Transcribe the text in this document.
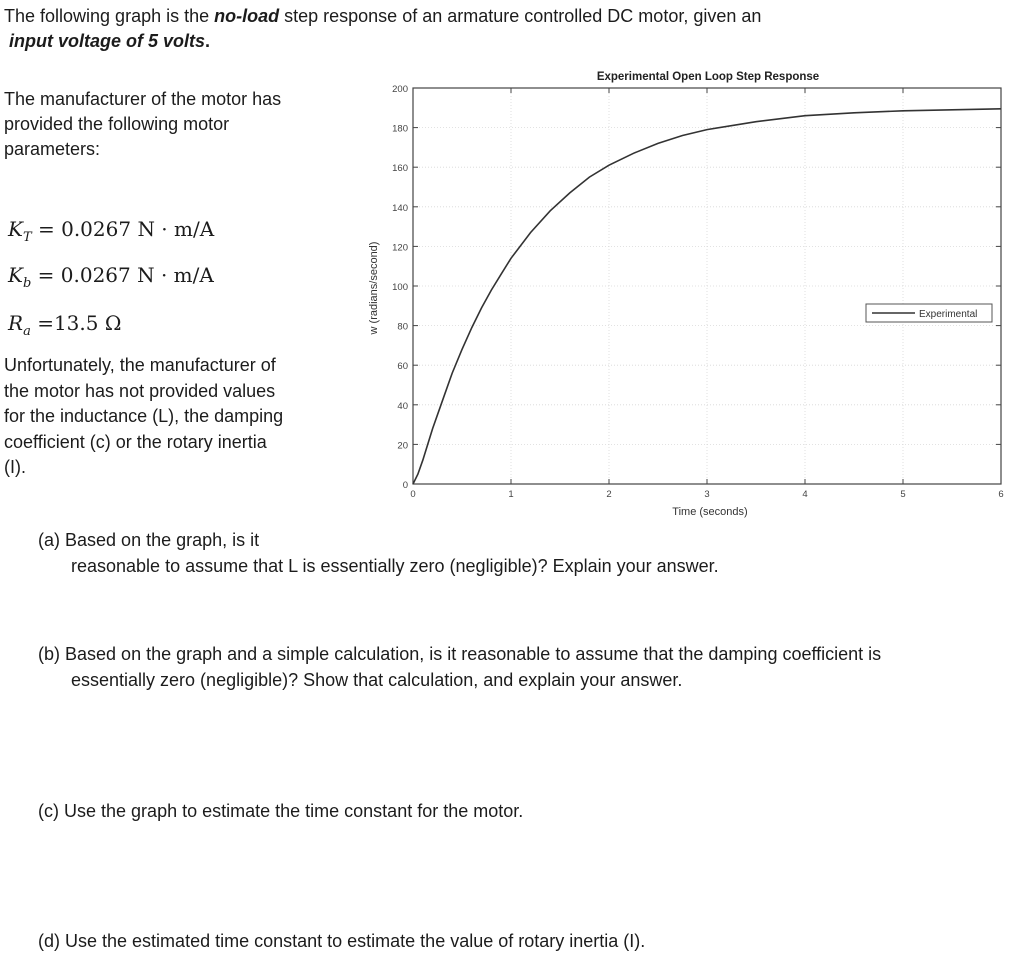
The following graph is the no-load step response of an armature controlled DC motor, given an
input voltage of 5 volts.
The manufacturer of the motor has
provided the following motor
parameters:
$K_T = 0.0267$ N · m/A
$K_b = 0.0267$ N · m/A
$R_a =13.5$ Ω
Unfortunately, the manufacturer of
the motor has not provided values
for the inductance (L), the damping
coefficient (c) or the rotary inertia
(I).
0
20
40
60
80
100
120
140
160
180
200
0	1	2	3	4	5	6
Experimental Open Loop Step Response
Time (seconds)
w (radians/second)	Experimental
(a) Based on the graph, is it
reasonable to assume that L is essentially zero (negligible)? Explain your answer.
(b) Based on the graph and a simple calculation, is it reasonable to assume that the damping coefficient is
essentially zero (negligible)? Show that calculation, and explain your answer.
(c) Use the graph to estimate the time constant for the motor.
(d) Use the estimated time constant to estimate the value of rotary inertia (I).
